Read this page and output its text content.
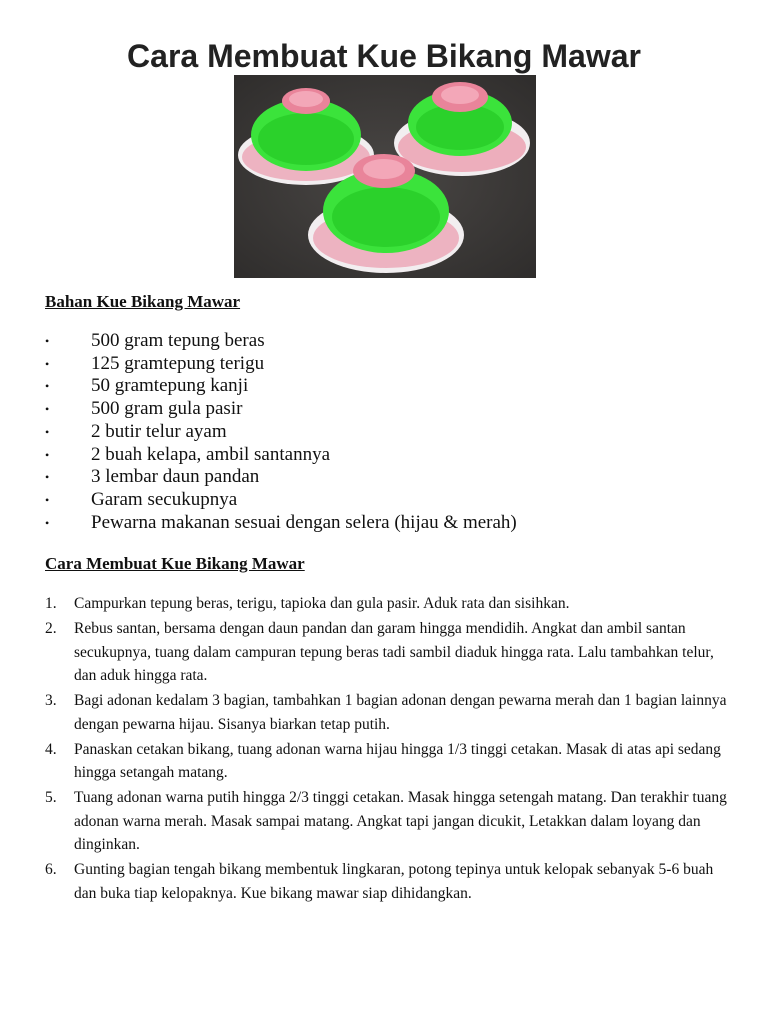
Cara Membuat Kue Bikang Mawar
Bahan Kue Bikang Mawar
• 500 gram tepung beras
• 125 gramtepung terigu
• 50 gramtepung kanji
• 500 gram gula pasir
• 2 butir telur ayam
• 2 buah kelapa, ambil santannya
• 3 lembar daun pandan
• Garam secukupnya
• Pewarna makanan sesuai dengan selera (hijau & merah)
Cara Membuat Kue Bikang Mawar
1. Campurkan tepung beras, terigu, tapioka dan gula pasir. Aduk rata dan sisihkan.
2. Rebus santan, bersama dengan daun pandan dan garam hingga mendidih. Angkat dan ambil santan secukupnya, tuang dalam campuran tepung beras tadi sambil diaduk hingga rata. Lalu tambahkan telur, dan aduk hingga rata.
3. Bagi adonan kedalam 3 bagian, tambahkan 1 bagian adonan dengan pewarna merah dan 1 bagian lainnya dengan pewarna hijau. Sisanya biarkan tetap putih.
4. Panaskan cetakan bikang, tuang adonan warna hijau hingga 1/3 tinggi cetakan. Masak di atas api sedang hingga setangah matang.
5. Tuang adonan warna putih hingga 2/3 tinggi cetakan. Masak hingga setengah matang. Dan terakhir tuang adonan warna merah. Masak sampai matang. Angkat tapi jangan dicukit, Letakkan dalam loyang dan dinginkan.
6. Gunting bagian tengah bikang membentuk lingkaran, potong tepinya untuk kelopak sebanyak 5-6 buah dan buka tiap kelopaknya. Kue bikang mawar siap dihidangkan.
